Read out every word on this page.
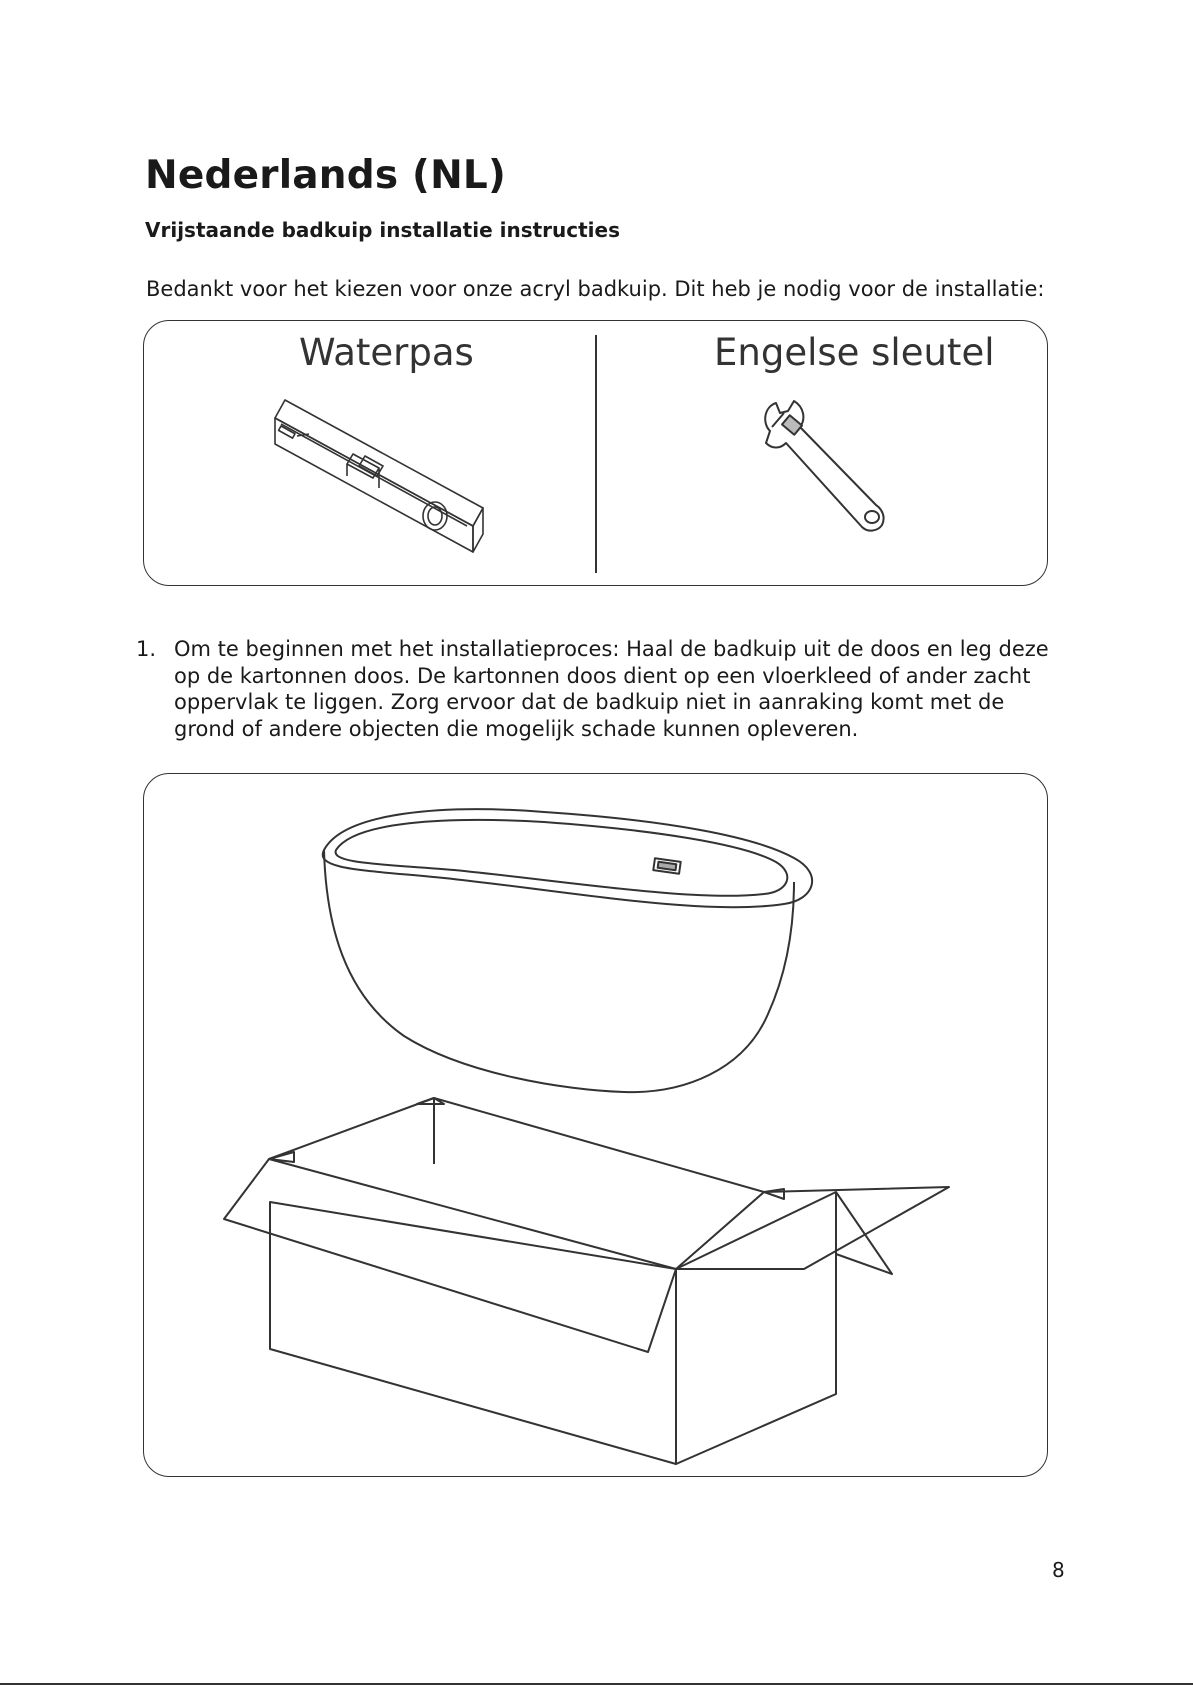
Nederlands (NL)
Vrijstaande badkuip installatie instructies

Bedankt voor het kiezen voor onze acryl badkuip. Dit heb je nodig voor de installatie:

Waterpas	Engelse sleutel
1. Om te beginnen met het installatieproces: Haal de badkuip uit de doos en leg deze op de kartonnen doos. De kartonnen doos dient op een vloerkleed of ander zacht oppervlak te liggen. Zorg ervoor dat de badkuip niet in aanraking komt met de grond of andere objecten die mogelijk schade kunnen opleveren.
8
